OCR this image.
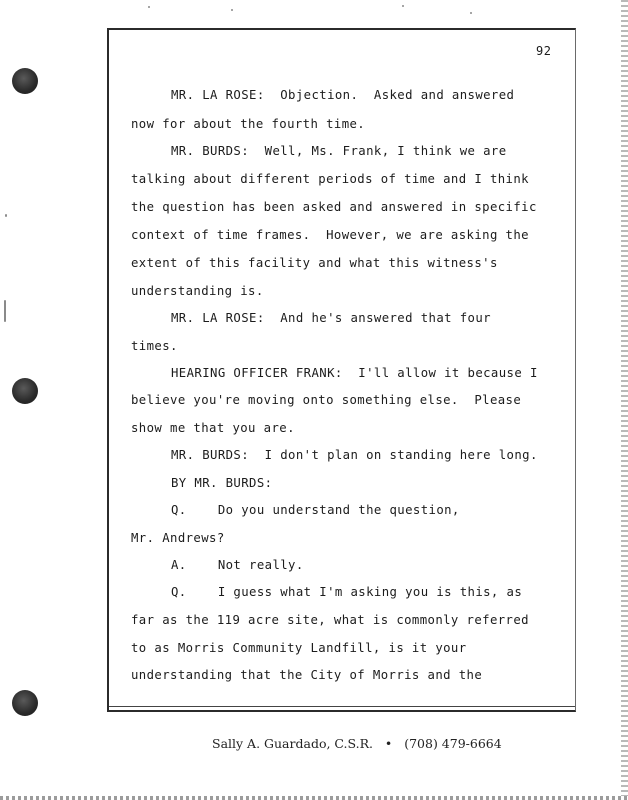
92
MR. LA ROSE:  Objection.  Asked and answered
now for about the fourth time.
MR. BURDS:  Well, Ms. Frank, I think we are
talking about different periods of time and I think
the question has been asked and answered in specific
context of time frames.  However, we are asking the
extent of this facility and what this witness's
understanding is.
MR. LA ROSE:  And he's answered that four
times.
HEARING OFFICER FRANK:  I'll allow it because I
believe you're moving onto something else.  Please
show me that you are.
MR. BURDS:  I don't plan on standing here long.
BY MR. BURDS:
Q.    Do you understand the question,
Mr. Andrews?
A.    Not really.
Q.    I guess what I'm asking you is this, as
far as the 119 acre site, what is commonly referred
to as Morris Community Landfill, is it your
understanding that the City of Morris and the
Sally A. Guardado, C.S.R. • (708) 479-6664
